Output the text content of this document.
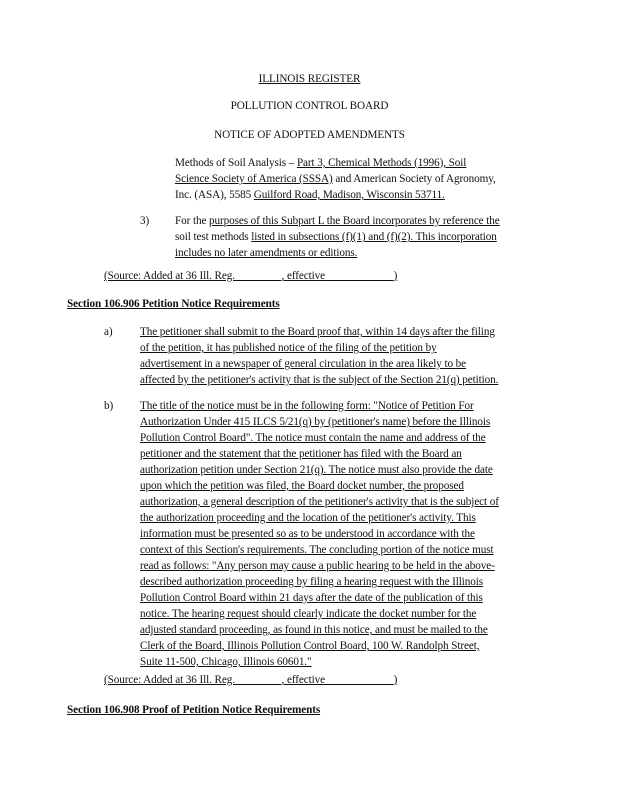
ILLINOIS REGISTER
POLLUTION CONTROL BOARD
NOTICE OF ADOPTED AMENDMENTS
Methods of Soil Analysis – Part 3, Chemical Methods (1996), Soil
Science Society of America (SSSA) and American Society of Agronomy,
Inc. (ASA), 5585 Guilford Road, Madison, Wisconsin 53711.
3) For the purposes of this Subpart L the Board incorporates by reference the
soil test methods listed in subsections (f)(1) and (f)(2). This incorporation
includes no later amendments or editions.
(Source: Added at 36 Ill. Reg. ________, effective ____________)
Section 106.906 Petition Notice Requirements
a) The petitioner shall submit to the Board proof that, within 14 days after the filing
of the petition, it has published notice of the filing of the petition by
advertisement in a newspaper of general circulation in the area likely to be
affected by the petitioner's activity that is the subject of the Section 21(q) petition.
b) The title of the notice must be in the following form: "Notice of Petition For
Authorization Under 415 ILCS 5/21(q) by (petitioner's name) before the Illinois
Pollution Control Board". The notice must contain the name and address of the
petitioner and the statement that the petitioner has filed with the Board an
authorization petition under Section 21(q). The notice must also provide the date
upon which the petition was filed, the Board docket number, the proposed
authorization, a general description of the petitioner's activity that is the subject of
the authorization proceeding and the location of the petitioner's activity. This
information must be presented so as to be understood in accordance with the
context of this Section's requirements. The concluding portion of the notice must
read as follows: "Any person may cause a public hearing to be held in the above-
described authorization proceeding by filing a hearing request with the Illinois
Pollution Control Board within 21 days after the date of the publication of this
notice. The hearing request should clearly indicate the docket number for the
adjusted standard proceeding, as found in this notice, and must be mailed to the
Clerk of the Board, Illinois Pollution Control Board, 100 W. Randolph Street,
Suite 11-500, Chicago, Illinois 60601."
(Source: Added at 36 Ill. Reg. ________, effective ____________)
Section 106.908 Proof of Petition Notice Requirements
